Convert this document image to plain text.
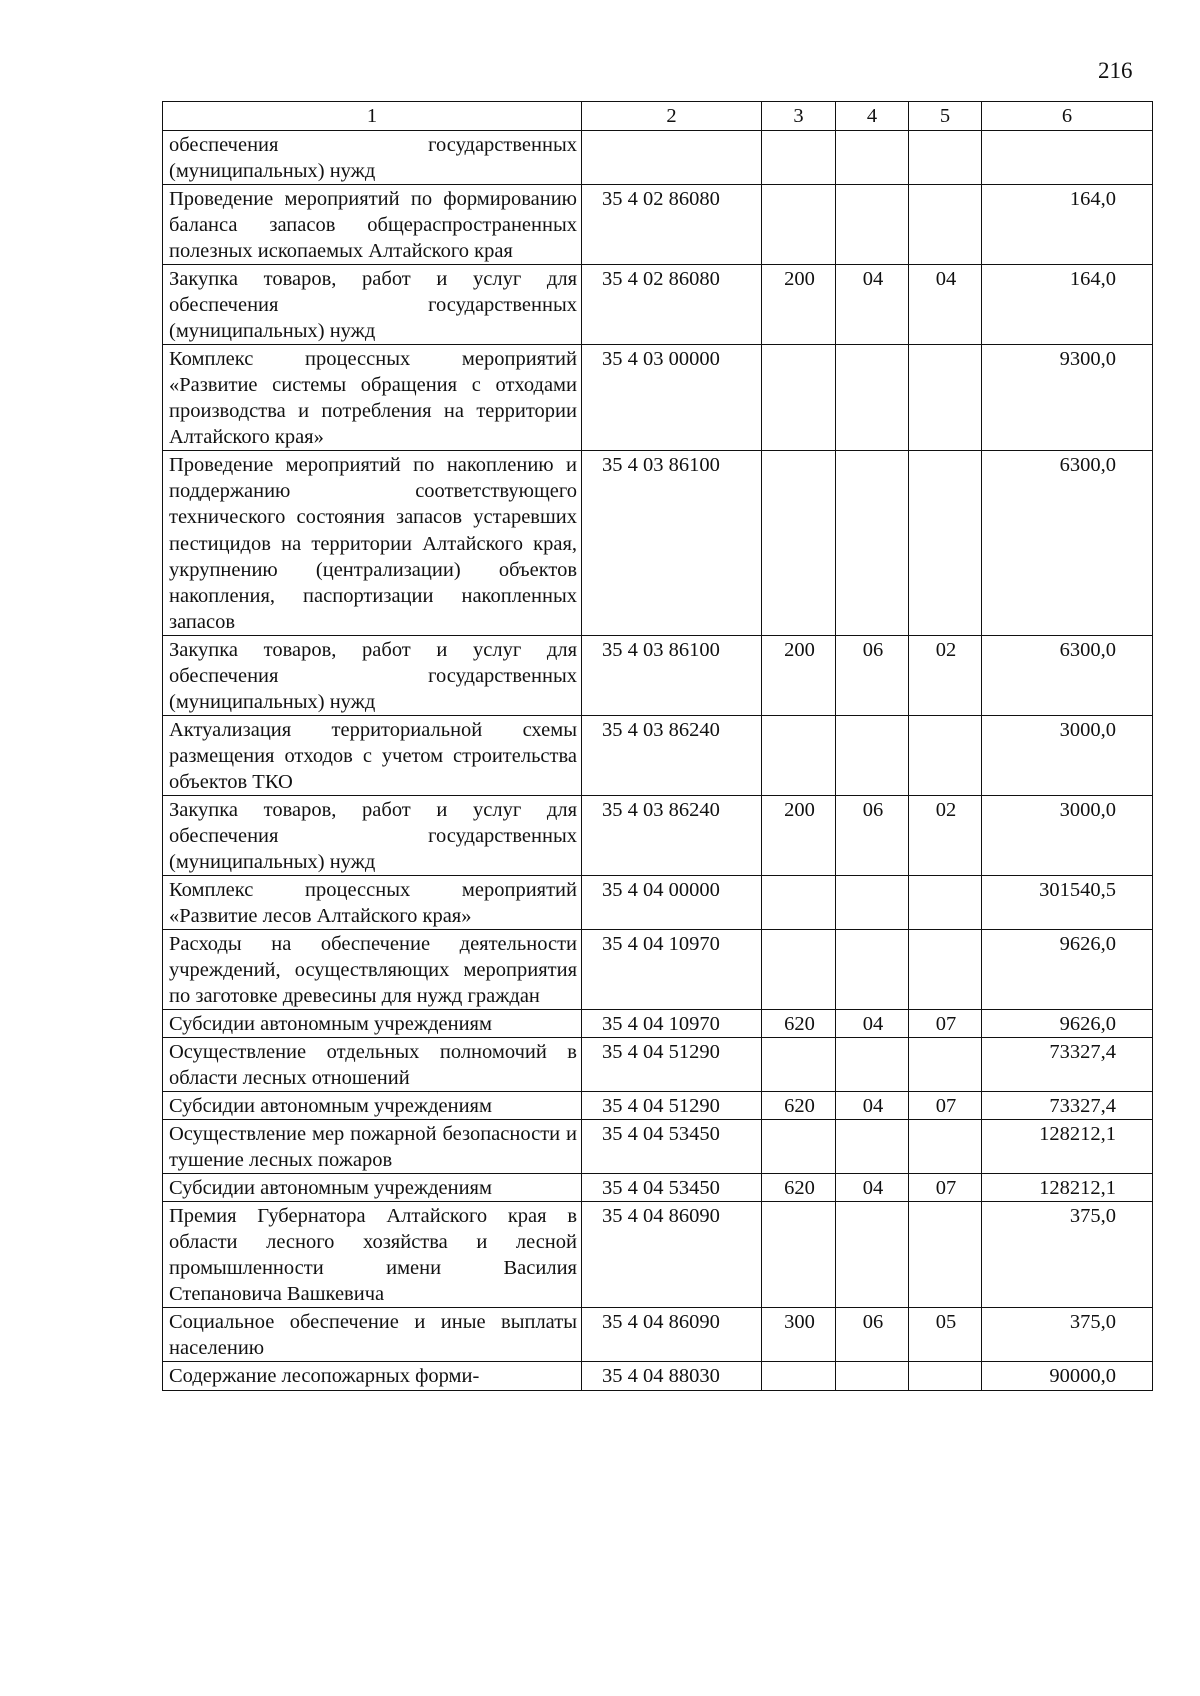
216
1	2	3	4	5	6
обеспечения государственных (муниципальных) нужд					
Проведение мероприятий по формированию баланса запасов общераспространенных полезных ископаемых Алтайского края	35 4 02 86080				164,0
Закупка товаров, работ и услуг для обеспечения государственных (муниципальных) нужд	35 4 02 86080	200	04	04	164,0
Комплекс процессных мероприятий «Развитие системы обращения с отходами производства и потребления на территории Алтайского края»	35 4 03 00000				9300,0
Проведение мероприятий по накоплению и поддержанию соответствующего технического состояния запасов устаревших пестицидов на территории Алтайского края, укрупнению (централизации) объектов накопления, паспортизации накопленных запасов	35 4 03 86100				6300,0
Закупка товаров, работ и услуг для обеспечения государственных (муниципальных) нужд	35 4 03 86100	200	06	02	6300,0
Актуализация территориальной схемы размещения отходов с учетом строительства объектов ТКО	35 4 03 86240				3000,0
Закупка товаров, работ и услуг для обеспечения государственных (муниципальных) нужд	35 4 03 86240	200	06	02	3000,0
Комплекс процессных мероприятий «Развитие лесов Алтайского края»	35 4 04 00000				301540,5
Расходы на обеспечение деятельности учреждений, осуществляющих мероприятия по заготовке древесины для нужд граждан	35 4 04 10970				9626,0
Субсидии автономным учреждениям	35 4 04 10970	620	04	07	9626,0
Осуществление отдельных полномочий в области лесных отношений	35 4 04 51290				73327,4
Субсидии автономным учреждениям	35 4 04 51290	620	04	07	73327,4
Осуществление мер пожарной безопасности и тушение лесных пожаров	35 4 04 53450				128212,1
Субсидии автономным учреждениям	35 4 04 53450	620	04	07	128212,1
Премия Губернатора Алтайского края в области лесного хозяйства и лесной промышленности имени Василия Степановича Вашкевича	35 4 04 86090				375,0
Социальное обеспечение и иные выплаты населению	35 4 04 86090	300	06	05	375,0
Содержание лесопожарных форми-	35 4 04 88030				90000,0
